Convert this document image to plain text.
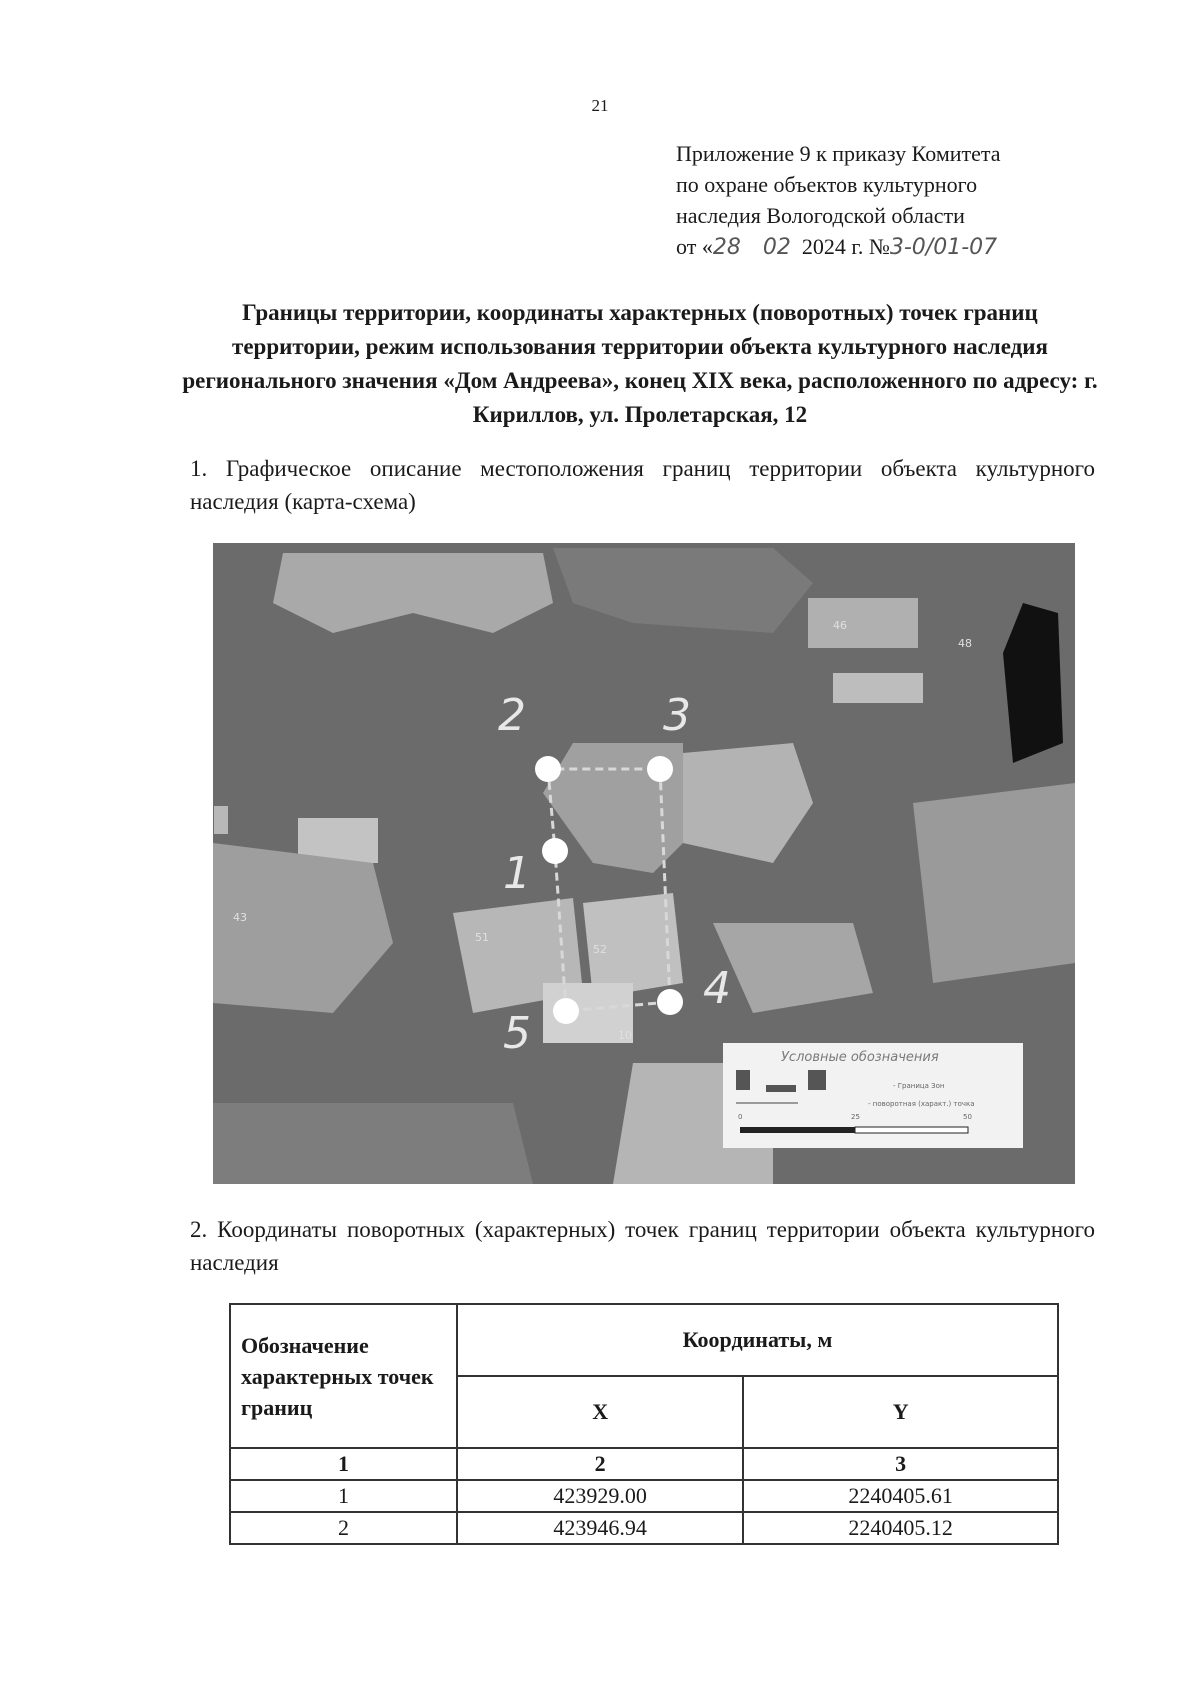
21
Приложение 9 к приказу Комитета
по охране объектов культурного
наследия Вологодской области
от «28 02 2024 г. №3-0/01-07
Границы территории, координаты характерных (поворотных) точек границ территории, режим использования территории объекта культурного наследия регионального значения «Дом Андреева», конец XIX века, расположенного по адресу: г. Кириллов, ул. Пролетарская, 12
1. Графическое описание местоположения границ территории объекта культурного наследия (карта-схема)
1
2	3
4
5
46
48
52
51
10
43
Условные обозначения
- Граница Зон
- поворотная (характ.) точка
0	25	50
2. Координаты поворотных (характерных) точек границ территории объекта культурного наследия
Обозначение характерных точек границ	Координаты, м	
	X	Y
1	2	3
1	423929.00	2240405.61
2	423946.94	2240405.12
